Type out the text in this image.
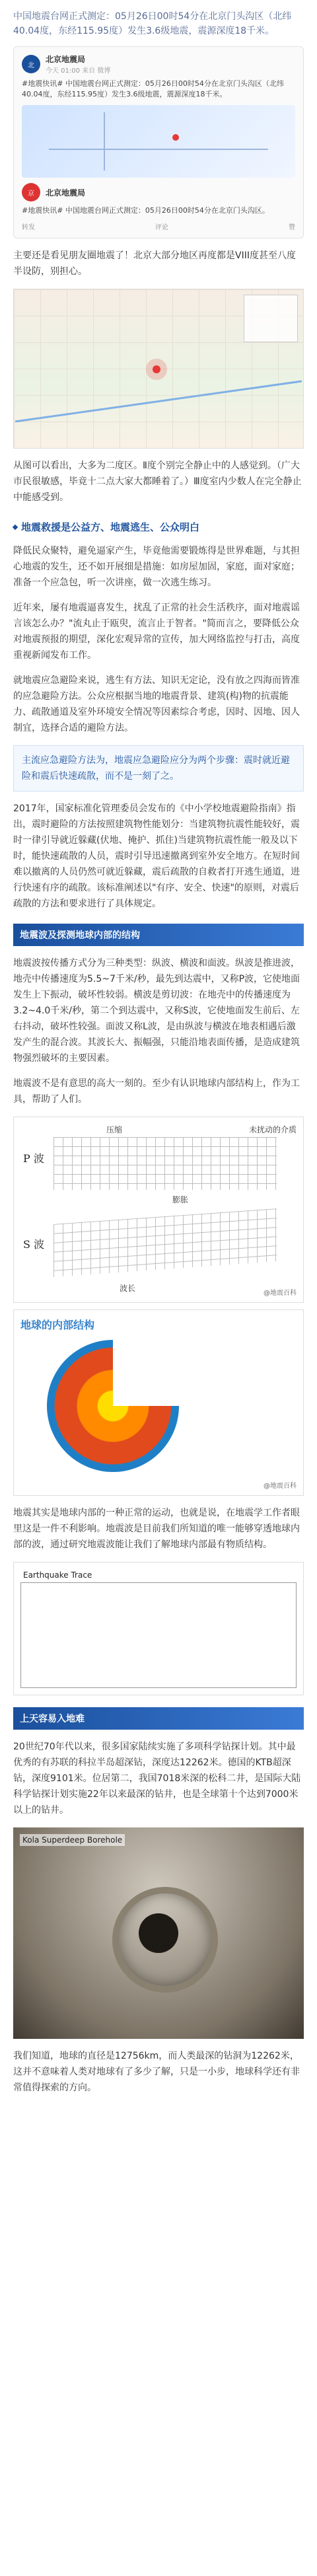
中国地震台网正式测定：05月26日00时54分在北京门头沟区（北纬40.04度，东经115.95度）发生3.6级地震，震源深度18千米。
北
北京地震局
今天 01:00 来自 微博
#地震快讯# 中国地震台网正式测定：05月26日00时54分在北京门头沟区（北纬40.04度，东经115.95度）发生3.6级地震，震源深度18千米。
京	北京地震局
#地震快讯# 中国地震台网正式测定：05月26日00时54分在北京门头沟区。
转发	评论	赞
主要还是看见朋友圈地震了！北京大部分地区再度都是VIII度甚至八度半设防，别担心。
从图可以看出，大多为二度区。Ⅱ度个别完全静止中的人感觉到。（广大市民很敏感，毕竟十二点大家大都睡着了。）Ⅲ度室内少数人在完全静止中能感受到。
地震救援是公益方、地震逃生、公众明白
降低民众聚特，避免逼家产生，毕竟他需要锻炼得是世界难题，与其担心地震的发生，还不如开展细是措施：如房屋加固，家庭，面对家庭；准备一个应急包，听一次讲座，做一次逃生练习。
近年来，屡有地震逼喜发生，扰乱了正常的社会生活秩序，面对地震谣言该怎么办？"流丸止于瓯臾，流言止于智者。"简而言之，要降低公众对地震预报的期望，深化宏观异常的宣传，加大网络监控与打击，高度重视新闻发布工作。
就地震应急避险来说，逃生有方法、知识无定论，没有放之四海而皆准的应急避险方法。公众应根据当地的地震背景、建筑(构)物的抗震能力、疏散通道及室外环境安全情况等因素综合考虑，因时、因地、因人制宜，选择合适的避险方法。
主流应急避险方法为，地震应急避险应分为两个步骤：震时就近避险和震后快速疏散，而不是一刻了之。
2017年，国家标准化管理委员会发布的《中小学校地震避险指南》指出，震时避险的方法按照建筑物性能划分：当建筑物抗震性能较好，震时一律引导就近躲藏(伏地、掩护、抓住)当建筑物抗震性能一般及以下时，能快速疏散的人员，震时引导迅速撤离到室外安全地方。在短时间难以撤离的人员仍然可就近躲藏，震后疏散的自救者打开逃生通道，进行快速有序的疏散。该标准阐述以"有序、安全、快速"的原则，对震后疏散的方法和要求进行了具体规定。
地震波及探测地球内部的结构
地震波按传播方式分为三种类型：纵波、横波和面波。纵波是推进波，地壳中传播速度为5.5~7千米/秒，最先到达震中，又称P波，它使地面发生上下振动，破坏性较弱。横波是剪切波：在地壳中的传播速度为3.2~4.0千米/秒，第二个到达震中，又称S波，它使地面发生前后、左右抖动，破坏性较强。面波又称L波，是由纵波与横波在地表相遇后激发产生的混合波。其波长大、振幅强，只能沿地表面传播，是造成建筑物强烈破坏的主要因素。
地震波不是有意思的高大一刻的。至少有认识地球内部结构上，作为工具，帮助了人们。
P 波
压缩
膨胀
未扰动的介质
S 波
波长
@地震百科
地球的内部结构
@地震百科
地震其实是地球内部的一种正常的运动，也就是说，在地震学工作者眼里这是一件不利影响。地震波是目前我们所知道的唯一能够穿透地球内部的波，通过研究地震波能让我们了解地球内部最有物质结构。
Earthquake Trace
上天容易入地难
20世纪70年代以来，很多国家陆续实施了多项科学钻探计划。其中最优秀的有苏联的科拉半岛超深钻，深度达12262米。德国的KTB超深钻，深度9101米。位居第二，我国7018米深的松科二井，是国际大陆科学钻探计划实施22年以来最深的钻井，也是全球第十个达到7000米以上的钻井。
Kola Superdeep Borehole
我们知道，地球的直径是12756km，而人类最深的钻洞为12262米，这并不意味着人类对地球有了多少了解，只是一小步，地球科学还有非常值得探索的方向。
